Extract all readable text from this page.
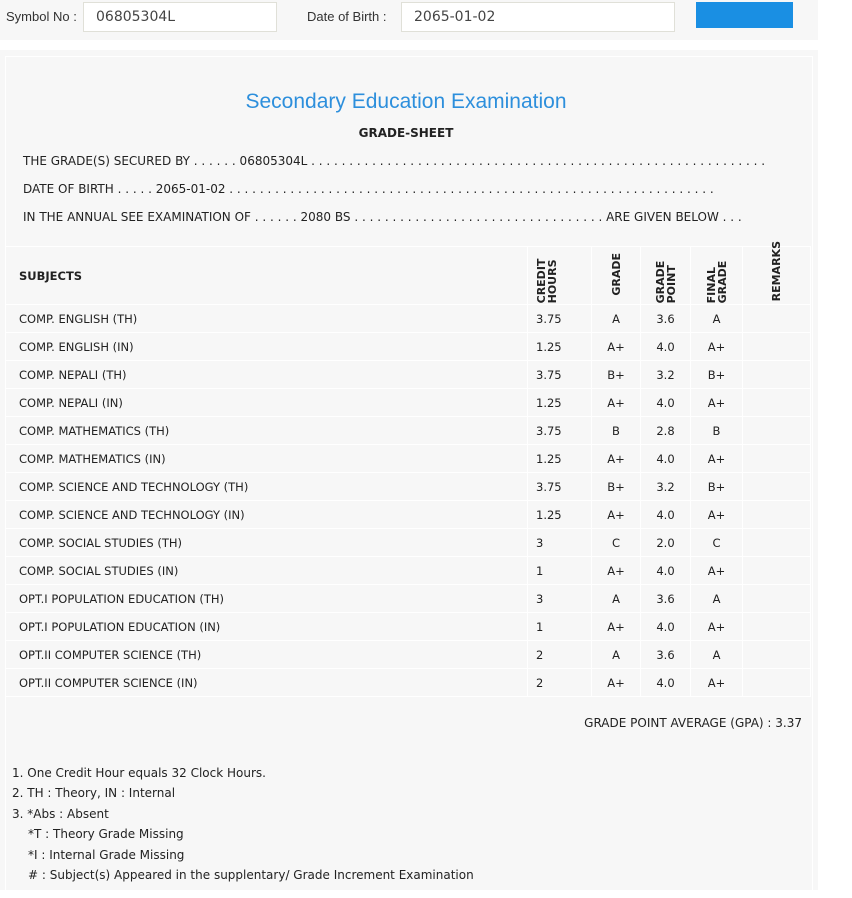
Symbol No :	06805304L	Date of Birth :	2065-01-02
Secondary Education Examination
GRADE-SHEET
THE GRADE(S) SECURED BY . . . . . . 06805304L . . . . . . . . . . . . . . . . . . . . . . . . . . . . . . . . . . . . . . . . . . . . . . . . . . . . . . . . . . . .
DATE OF BIRTH . . . . . 2065-01-02 . . . . . . . . . . . . . . . . . . . . . . . . . . . . . . . . . . . . . . . . . . . . . . . . . . . . . . . . . . . . . . . .
IN THE ANNUAL SEE EXAMINATION OF . . . . . . 2080 BS . . . . . . . . . . . . . . . . . . . . . . . . . . . . . . . . . ARE GIVEN BELOW . . .
SUBJECTS	CREDIT HOURS	GRADE	GRADE POINT	FINAL GRADE	REMARKS
COMP. ENGLISH (TH)	3.75	A	3.6	A	
COMP. ENGLISH (IN)	1.25	A+	4.0	A+	
COMP. NEPALI (TH)	3.75	B+	3.2	B+	
COMP. NEPALI (IN)	1.25	A+	4.0	A+	
COMP. MATHEMATICS (TH)	3.75	B	2.8	B	
COMP. MATHEMATICS (IN)	1.25	A+	4.0	A+	
COMP. SCIENCE AND TECHNOLOGY (TH)	3.75	B+	3.2	B+	
COMP. SCIENCE AND TECHNOLOGY (IN)	1.25	A+	4.0	A+	
COMP. SOCIAL STUDIES (TH)	3	C	2.0	C	
COMP. SOCIAL STUDIES (IN)	1	A+	4.0	A+	
OPT.I POPULATION EDUCATION (TH)	3	A	3.6	A	
OPT.I POPULATION EDUCATION (IN)	1	A+	4.0	A+	
OPT.II COMPUTER SCIENCE (TH)	2	A	3.6	A	
OPT.II COMPUTER SCIENCE (IN)	2	A+	4.0	A+	
GRADE POINT AVERAGE (GPA) : 3.37
1. One Credit Hour equals 32 Clock Hours.
2. TH : Theory, IN : Internal
3. *Abs : Absent
*T : Theory Grade Missing
*I : Internal Grade Missing
# : Subject(s) Appeared in the supplentary/ Grade Increment Examination
